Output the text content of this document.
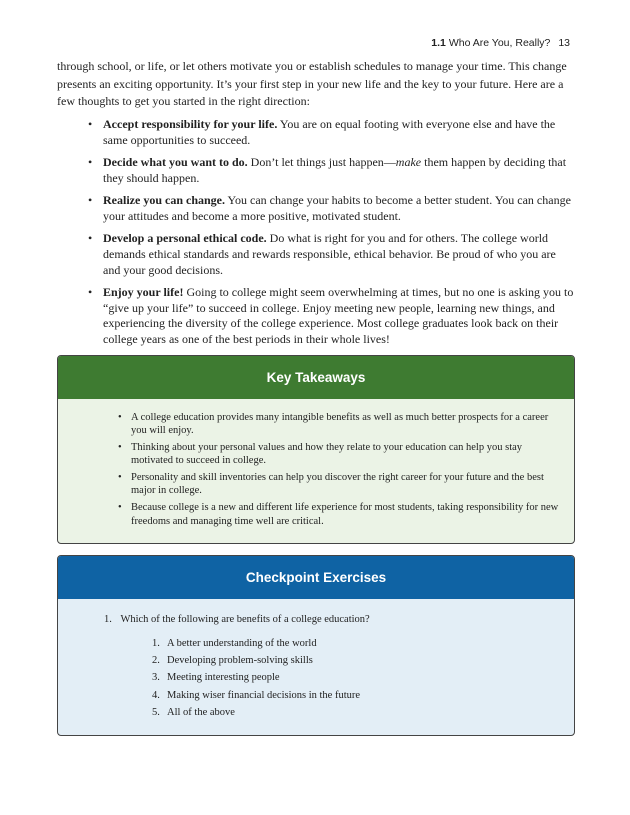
1.1 Who Are You, Really? 13

through school, or life, or let others motivate you or establish schedules to manage your time. This change presents an exciting opportunity. It’s your first step in your new life and the key to your future. Here are a few thoughts to get you started in the right direction:

• Accept responsibility for your life. You are on equal footing with everyone else and have the same opportunities to succeed.
• Decide what you want to do. Don’t let things just happen—make them happen by deciding that they should happen.
• Realize you can change. You can change your habits to become a better student. You can change your attitudes and become a more positive, motivated student.
• Develop a personal ethical code. Do what is right for you and for others. The college world demands ethical standards and rewards responsible, ethical behavior. Be proud of who you are and your good decisions.
• Enjoy your life! Going to college might seem overwhelming at times, but no one is asking you to “give up your life” to succeed in college. Enjoy meeting new people, learning new things, and experiencing the diversity of the college experience. Most college graduates look back on their college years as one of the best periods in their whole lives!
Key Takeaways
• A college education provides many intangible benefits as well as much better prospects for a career you will enjoy.
• Thinking about your personal values and how they relate to your education can help you stay motivated to succeed in college.
• Personality and skill inventories can help you discover the right career for your future and the best major in college.
• Because college is a new and different life experience for most students, taking responsibility for new freedoms and managing time well are critical.
Checkpoint Exercises
1. Which of the following are benefits of a college education?
1. A better understanding of the world
2. Developing problem-solving skills
3. Meeting interesting people
4. Making wiser financial decisions in the future
5. All of the above
